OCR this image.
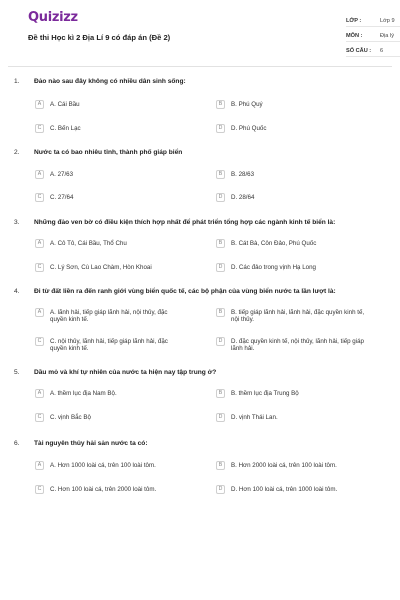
Quizizz
Đề thi Học kì 2 Địa Lí 9 có đáp án (Đề 2)
LỚP :	Lớp 9
MÔN :	Địa lý
SỐ CÂU :	6
1. Đảo nào sau đây không có nhiều dân sinh sống:
A	A. Cái Bầu	B	B. Phú Quý
C	C. Bến Lạc	D	D. Phú Quốc
2. Nước ta có bao nhiêu tỉnh, thành phố giáp biển
A	A. 27/63	B	B. 28/63
C	C. 27/64	D	D. 28/64
3. Những đảo ven bờ có điều kiện thích hợp nhất để phát triển tổng hợp các ngành kinh tế biển là:
A	A. Cô Tô, Cái Bầu, Thổ Chu	B	B. Cát Bà, Côn Đảo, Phú Quốc
C	C. Lý Sơn, Cù Lao Chàm, Hòn Khoai	D	D. Các đảo trong vịnh Hạ Long
4. Đi từ đất liền ra đến ranh giới vùng biển quốc tế, các bộ phận của vùng biển nước ta lần lượt là:
A	A. lãnh hải, tiếp giáp lãnh hải, nội thủy, đặc quyền kinh tế.
B	B. tiếp giáp lãnh hải, lãnh hải, đặc quyền kinh tế, nội thủy.
C	C. nội thủy, lãnh hải, tiếp giáp lãnh hải, đặc quyền kinh tế.
D	D. đặc quyền kinh tế, nội thủy, lãnh hải, tiếp giáp lãnh hải.
5. Dầu mỏ và khí tự nhiên của nước ta hiện nay tập trung ở?
A	A. thềm lục địa Nam Bộ.	B	B. thềm lục địa Trung Bộ
C	C. vịnh Bắc Bộ	D	D. vịnh Thái Lan.
6. Tài nguyên thủy hải sản nước ta có:
A	A. Hơn 1000 loài cá, trên 100 loài tôm.	B	B. Hơn 2000 loài cá, trên 100 loài tôm.
C	C. Hơn 100 loài cá, trên 2000 loài tôm.	D	D. Hơn 100 loài cá, trên 1000 loài tôm.
